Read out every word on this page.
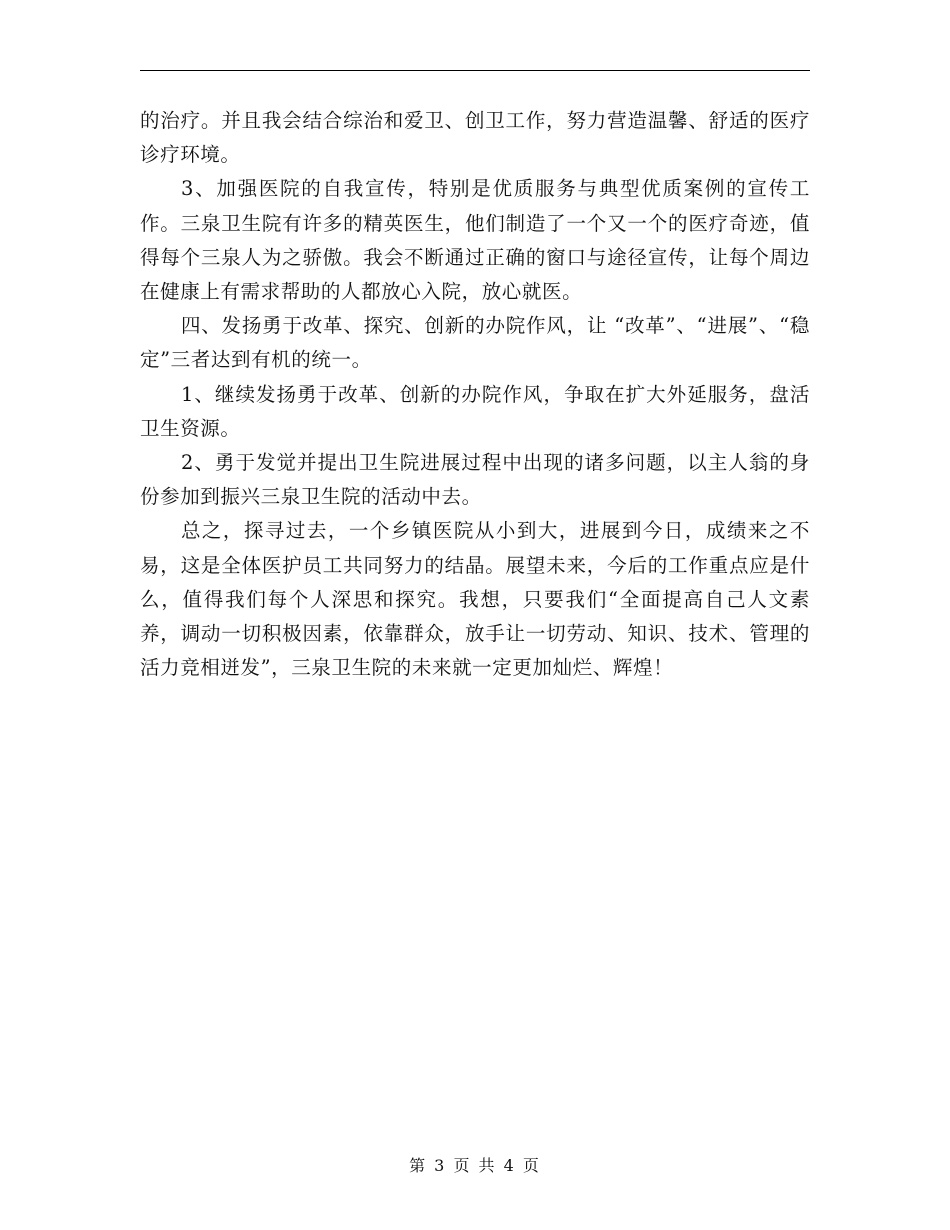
的治疗。并且我会结合综治和爱卫、创卫工作，努力营造温馨、舒适的医疗诊疗环境。

3、加强医院的自我宣传，特别是优质服务与典型优质案例的宣传工作。三泉卫生院有许多的精英医生，他们制造了一个又一个的医疗奇迹，值得每个三泉人为之骄傲。我会不断通过正确的窗口与途径宣传，让每个周边在健康上有需求帮助的人都放心入院，放心就医。

四、发扬勇于改革、探究、创新的办院作风，让 “改革”、“进展”、“稳定”三者达到有机的统一。

1、继续发扬勇于改革、创新的办院作风，争取在扩大外延服务，盘活卫生资源。

2、勇于发觉并提出卫生院进展过程中出现的诸多问题，以主人翁的身份参加到振兴三泉卫生院的活动中去。

总之，探寻过去，一个乡镇医院从小到大，进展到今日，成绩来之不易，这是全体医护员工共同努力的结晶。展望未来，今后的工作重点应是什么，值得我们每个人深思和探究。我想，只要我们“全面提高自己人文素养，调动一切积极因素，依靠群众，放手让一切劳动、知识、技术、管理的活力竞相迸发”，三泉卫生院的未来就一定更加灿烂、辉煌！

第 3 页 共 4 页
